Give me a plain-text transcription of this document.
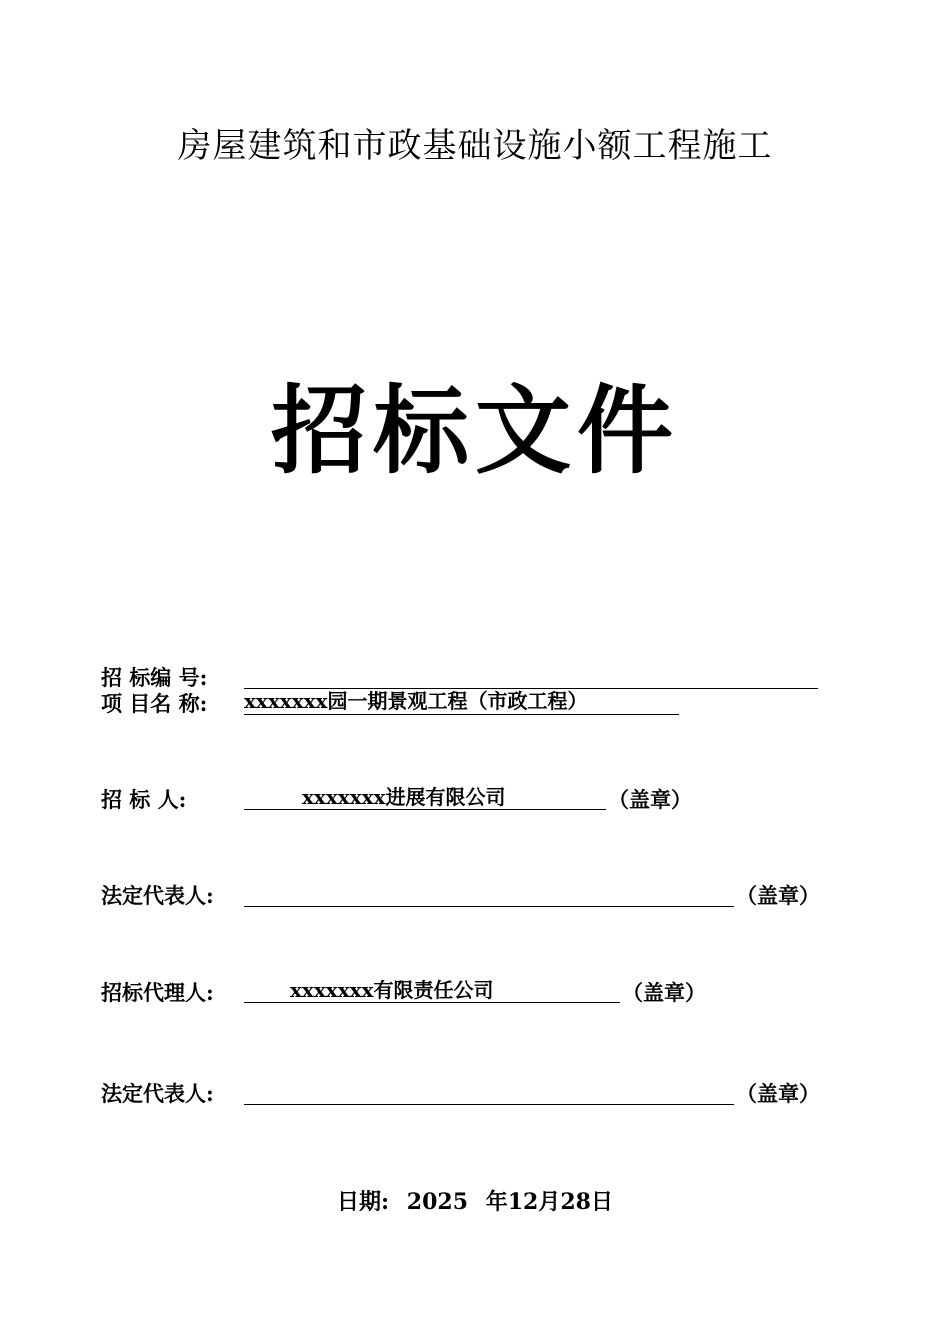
房屋建筑和市政基础设施小额工程施工
招标文件
招 标编 号:
项 目名 称: xxxxxxx园一期景观工程（市政工程）
招 标 人:	xxxxxxx进展有限公司	（盖章）
法定代表人:	（盖章）
招标代理人:	xxxxxxx有限责任公司	（盖章）
法定代表人:	（盖章）
日期: 2025 年12月28日
